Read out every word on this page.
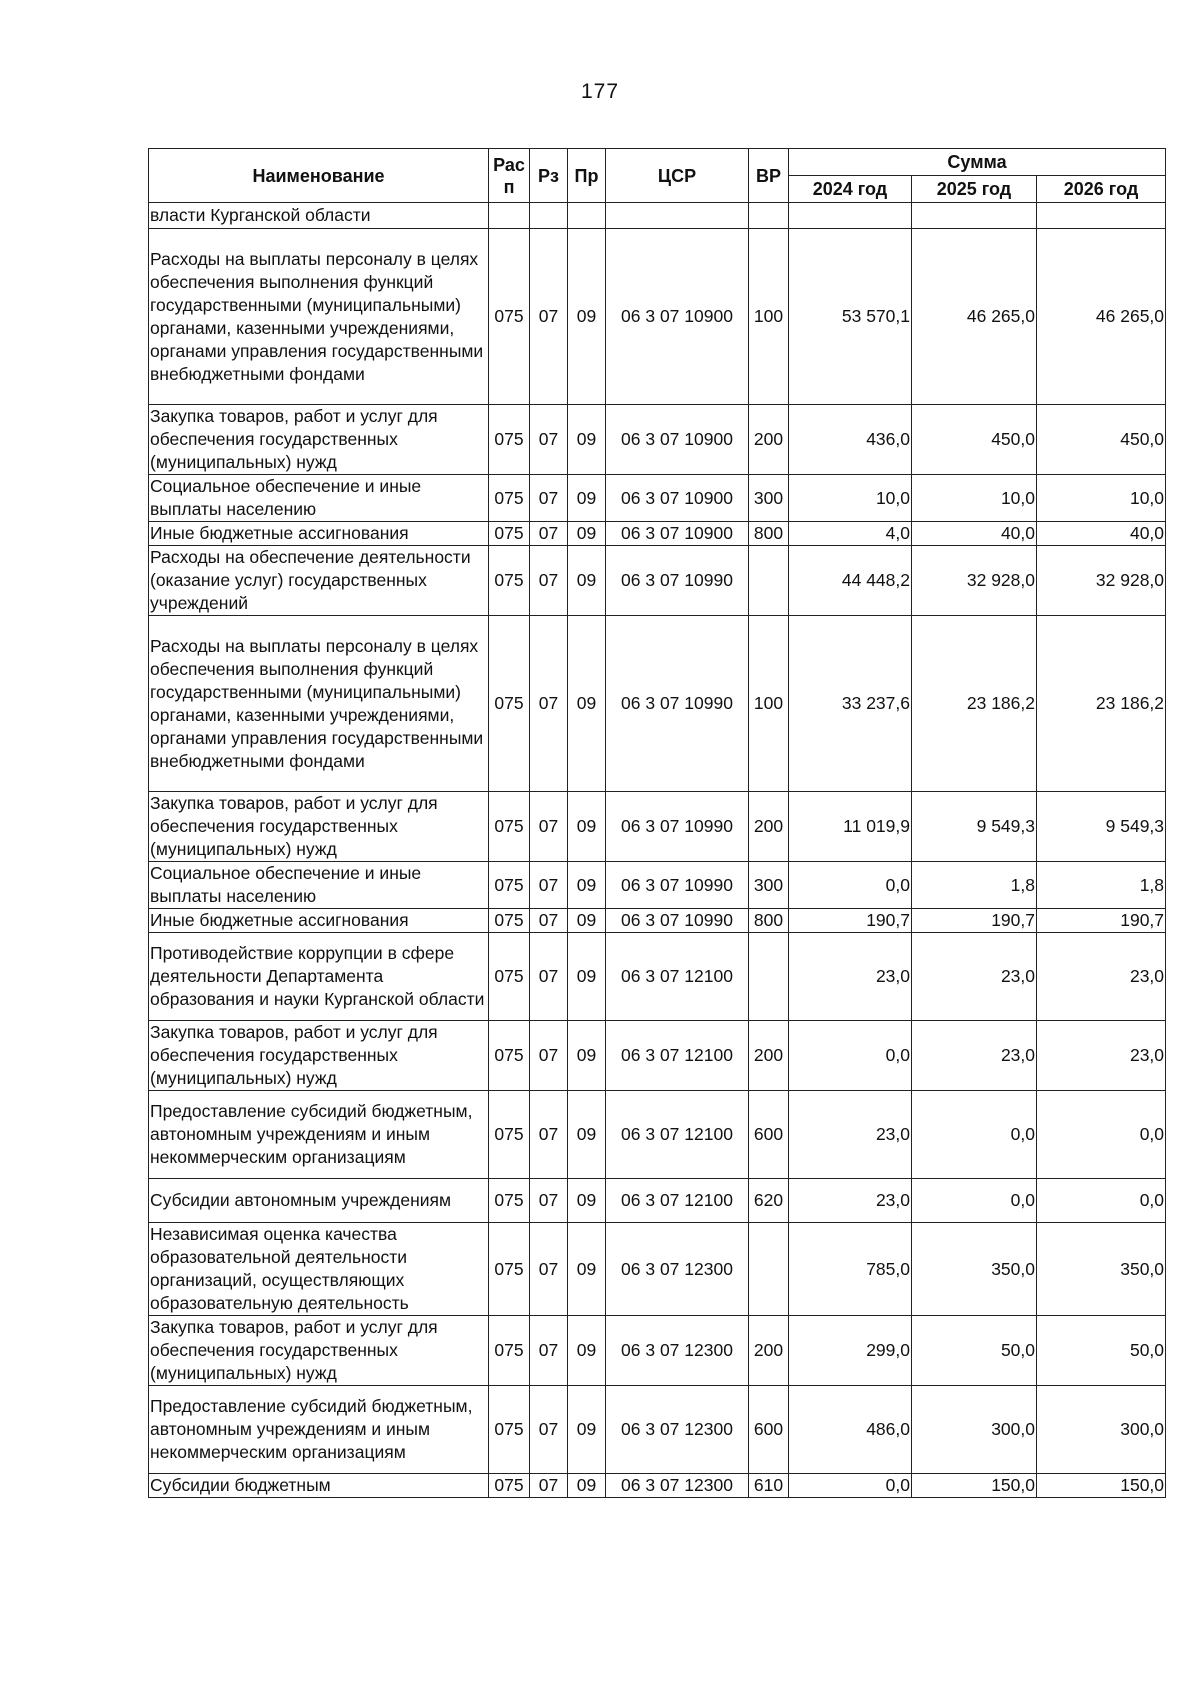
177
Наименование	Рас п	Рз	Пр	ЦСР	ВР	Сумма		
						2024 год	2025 год	2026 год
власти Курганской области								
Расходы на выплаты персоналу в целях обеспечения выполнения функций государственными (муниципальными) органами, казенными учреждениями, органами управления государственными внебюджетными фондами	075	07	09	06 3 07 10900	100	53 570,1	46 265,0	46 265,0
Закупка товаров, работ и услуг для обеспечения государственных (муниципальных) нужд	075	07	09	06 3 07 10900	200	436,0	450,0	450,0
Социальное обеспечение и иные выплаты населению	075	07	09	06 3 07 10900	300	10,0	10,0	10,0
Иные бюджетные ассигнования	075	07	09	06 3 07 10900	800	4,0	40,0	40,0
Расходы на обеспечение деятельности (оказание услуг) государственных учреждений	075	07	09	06 3 07 10990		44 448,2	32 928,0	32 928,0
Расходы на выплаты персоналу в целях обеспечения выполнения функций государственными (муниципальными) органами, казенными учреждениями, органами управления государственными внебюджетными фондами	075	07	09	06 3 07 10990	100	33 237,6	23 186,2	23 186,2
Закупка товаров, работ и услуг для обеспечения государственных (муниципальных) нужд	075	07	09	06 3 07 10990	200	11 019,9	9 549,3	9 549,3
Социальное обеспечение и иные выплаты населению	075	07	09	06 3 07 10990	300	0,0	1,8	1,8
Иные бюджетные ассигнования	075	07	09	06 3 07 10990	800	190,7	190,7	190,7
Противодействие коррупции в сфере деятельности Департамента образования и науки Курганской области	075	07	09	06 3 07 12100		23,0	23,0	23,0
Закупка товаров, работ и услуг для обеспечения государственных (муниципальных) нужд	075	07	09	06 3 07 12100	200	0,0	23,0	23,0
Предоставление субсидий бюджетным, автономным учреждениям и иным некоммерческим организациям	075	07	09	06 3 07 12100	600	23,0	0,0	0,0
Субсидии автономным учреждениям	075	07	09	06 3 07 12100	620	23,0	0,0	0,0
Независимая оценка качества образовательной деятельности организаций, осуществляющих образовательную деятельность	075	07	09	06 3 07 12300		785,0	350,0	350,0
Закупка товаров, работ и услуг для обеспечения государственных (муниципальных) нужд	075	07	09	06 3 07 12300	200	299,0	50,0	50,0
Предоставление субсидий бюджетным, автономным учреждениям и иным некоммерческим организациям	075	07	09	06 3 07 12300	600	486,0	300,0	300,0
Субсидии бюджетным	075	07	09	06 3 07 12300	610	0,0	150,0	150,0
